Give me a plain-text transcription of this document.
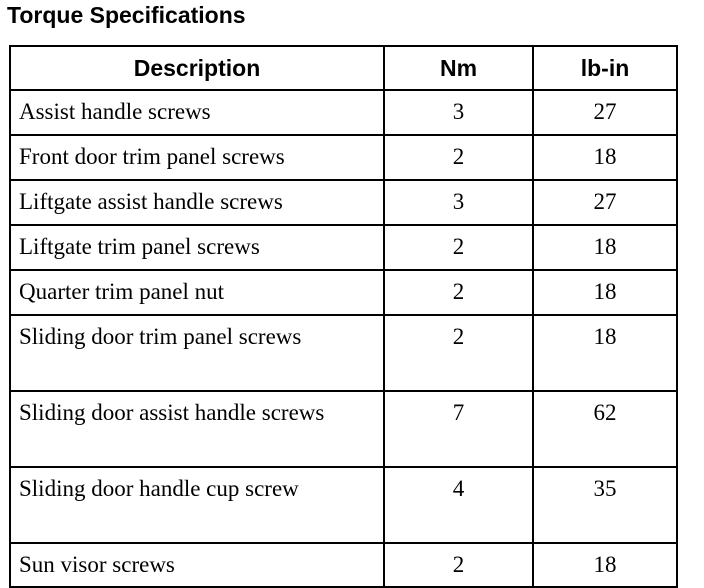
Torque Specifications
Description	Nm	lb-in
Assist handle screws	3	27
Front door trim panel screws	2	18
Liftgate assist handle screws	3	27
Liftgate trim panel screws	2	18
Quarter trim panel nut	2	18
Sliding door trim panel screws	2	18
Sliding door assist handle screws	7	62
Sliding door handle cup screw	4	35
Sun visor screws	2	18
